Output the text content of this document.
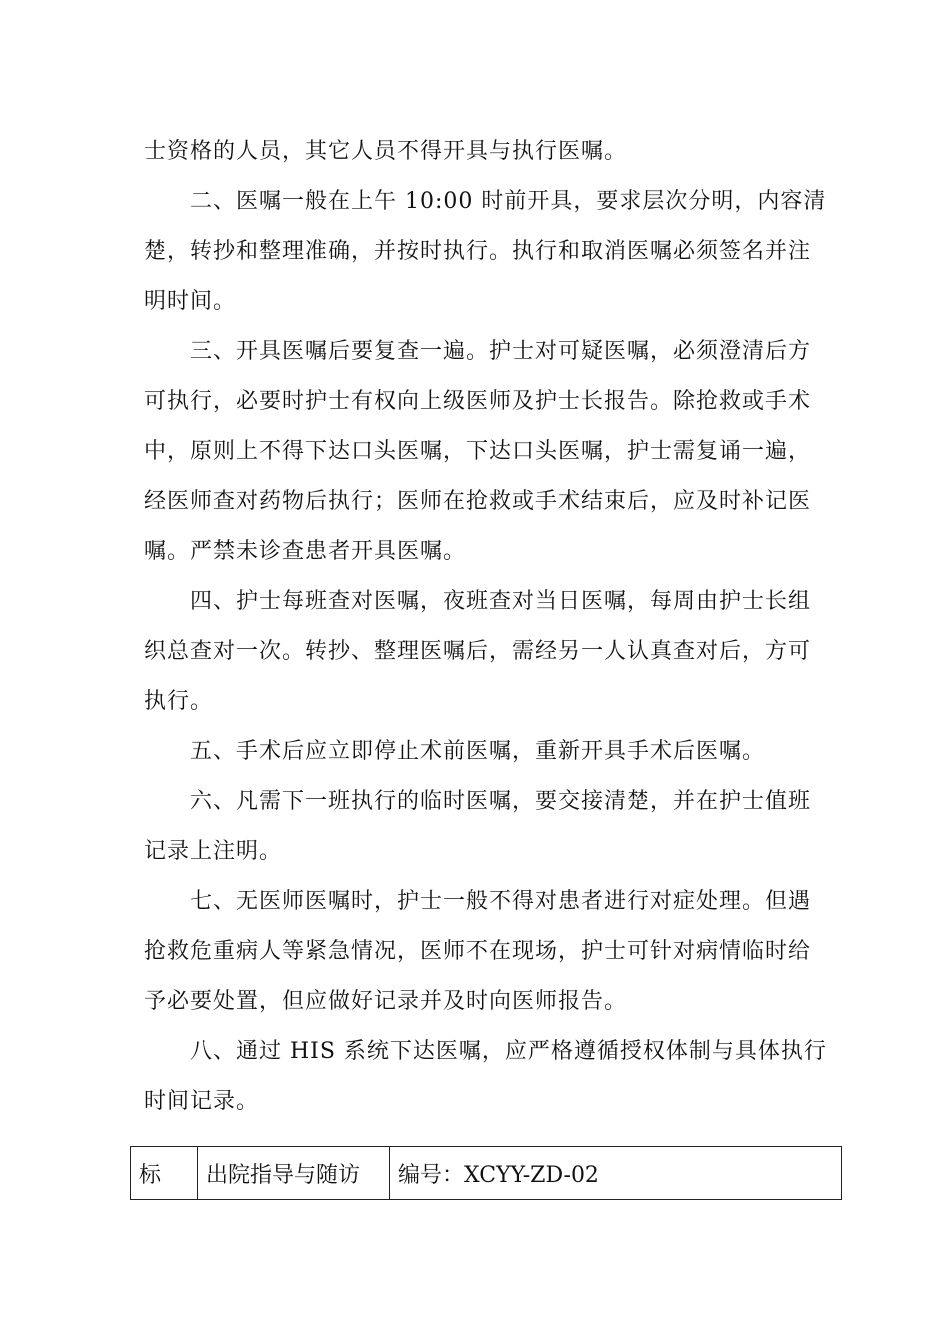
士资格的人员，其它人员不得开具与执行医嘱。
二、医嘱一般在上午 10:00 时前开具，要求层次分明，内容清
楚，转抄和整理准确，并按时执行。执行和取消医嘱必须签名并注
明时间。
三、开具医嘱后要复查一遍。护士对可疑医嘱，必须澄清后方
可执行，必要时护士有权向上级医师及护士长报告。除抢救或手术
中，原则上不得下达口头医嘱，下达口头医嘱，护士需复诵一遍，
经医师查对药物后执行；医师在抢救或手术结束后，应及时补记医
嘱。严禁未诊查患者开具医嘱。
四、护士每班查对医嘱，夜班查对当日医嘱，每周由护士长组
织总查对一次。转抄、整理医嘱后，需经另一人认真查对后，方可
执行。
五、手术后应立即停止术前医嘱，重新开具手术后医嘱。
六、凡需下一班执行的临时医嘱，要交接清楚，并在护士值班
记录上注明。
七、无医师医嘱时，护士一般不得对患者进行对症处理。但遇
抢救危重病人等紧急情况，医师不在现场，护士可针对病情临时给
予必要处置，但应做好记录并及时向医师报告。
八、通过 HIS 系统下达医嘱，应严格遵循授权体制与具体执行
时间记录。
标	出院指导与随访	编号：XCYY-ZD-02
